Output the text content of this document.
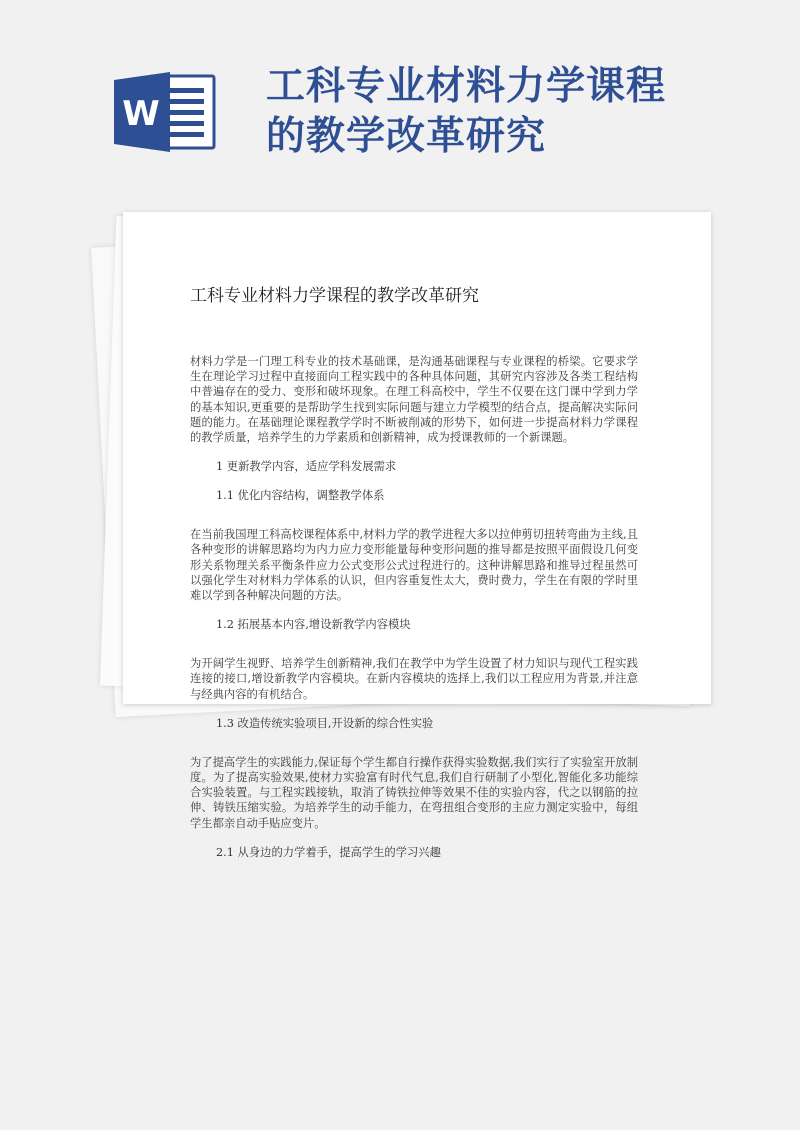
W
工科专业材料力学课程
的教学改革研究
工科专业材料力学课程的教学改革研究

材料力学是一门理工科专业的技术基础课，是沟通基础课程与专业课程的桥梁。它要求学生在理论学习过程中直接面向工程实践中的各种具体问题，其研究内容涉及各类工程结构中普遍存在的受力、变形和破坏现象。在理工科高校中，学生不仅要在这门课中学到力学的基本知识,更重要的是帮助学生找到实际问题与建立力学模型的结合点，提高解决实际问题的能力。在基础理论课程教学学时不断被削减的形势下，如何进一步提高材料力学课程的教学质量，培养学生的力学素质和创新精神，成为授课教师的一个新课题。

1 更新教学内容，适应学科发展需求

1.1 优化内容结构，调整教学体系

在当前我国理工科高校课程体系中,材料力学的教学进程大多以拉伸剪切扭转弯曲为主线,且各种变形的讲解思路均为内力应力变形能量每种变形问题的推导都是按照平面假设几何变形关系物理关系平衡条件应力公式变形公式过程进行的。这种讲解思路和推导过程虽然可以强化学生对材料力学体系的认识，但内容重复性太大，费时费力，学生在有限的学时里难以学到各种解决问题的方法。

1.2 拓展基本内容,增设新教学内容模块

为开阔学生视野、培养学生创新精神,我们在教学中为学生设置了材力知识与现代工程实践连接的接口,增设新教学内容模块。在新内容模块的选择上,我们以工程应用为背景,并注意与经典内容的有机结合。

1.3 改造传统实验项目,开设新的综合性实验

为了提高学生的实践能力,保证每个学生都自行操作获得实验数据,我们实行了实验室开放制度。为了提高实验效果,使材力实验富有时代气息,我们自行研制了小型化,智能化多功能综合实验装置。与工程实践接轨，取消了铸铁拉伸等效果不佳的实验内容，代之以钢筋的拉伸、铸铁压缩实验。为培养学生的动手能力，在弯扭组合变形的主应力测定实验中，每组学生都亲自动手贴应变片。

2.1 从身边的力学着手，提高学生的学习兴趣
